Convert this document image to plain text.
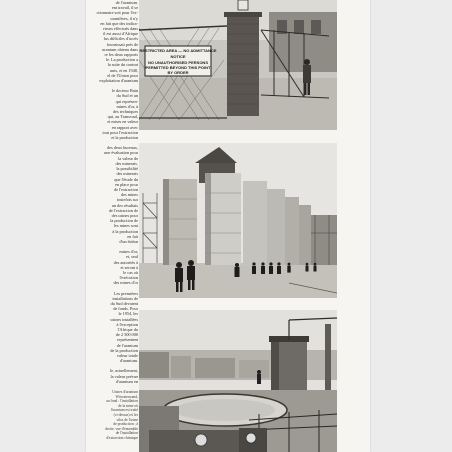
de l'uranium.

ent travail, il se

ctionnaire soit pour l'ex-

uranifères, il n'y

en fait que des indica-

rieurs effectués dans

il est aussi d'Afrique

lus difficiles d'accès

fournissait près de

uranium obtenu dans

re les deux rapports

le. La production a

la suite du contrat

unis, et en 1948,

el de l'Union pour

exploitation d'uranium

le docteur Bain

du Sud et un

qui représen-

mines d'or, à

des techniques

qui, au Transvaal,

et mises en valeur

en rapport avec

tout pour l'extraction

et la production

des deux bureaux,

une évaluation pour

la valeur de

des minerais.

la possibilité

des minerais

que l'étude du

en place pour

de l'extraction

des mines

toutefois sur

un des résultats

de l'extraction de

des usines pour

la production de

les mines sont

à la production

en fait

d'un étalon

mines d'or,

et, seul

des autorités à

et seront à

le cas où

l'exécution

des mines d'or

Les premières

installations de

du Sud devaient

de fonds. Pour

le 1954, les

usines installées

à l'exception

l'Afrique du

de 2 500 000

représentent

de l'uranium

de la production

valeur totale

d'uranium.

le, actuellement,

la valeur prévue

d'uranium en

Usines d'uranium

Witwatersrand,

au fond : l'installation

de la mine où

l'uranium est traité

(ci-dessus) et les

silos de l'usine

de production ; à

droite, vue d'ensemble

de l'installation

d'extraction chimique

RESTRICTED AREA — NO ADMITTANCE
NOTICE
NO UNAUTHORISED PERSONS
PERMITTED BEYOND THIS POINT
BY ORDER
